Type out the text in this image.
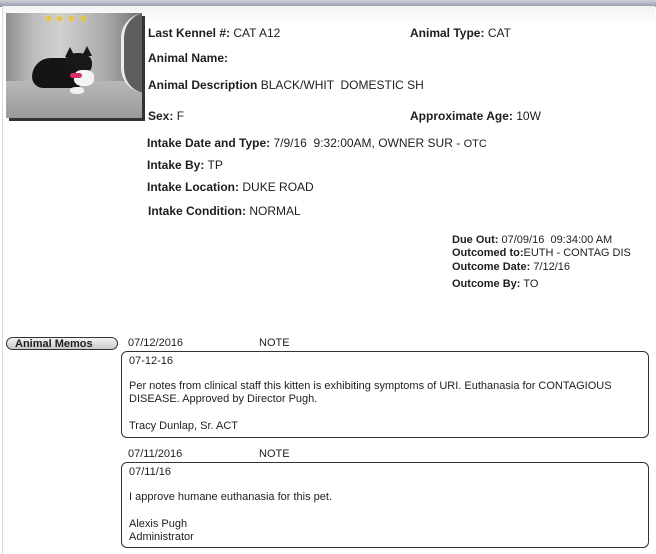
Last Kennel #: CAT A12	Animal Type: CAT
Animal Name:
Animal Description BLACK/WHIT  DOMESTIC SH
Sex: F	Approximate Age: 10W
Intake Date and Type: 7/9/16  9:32:00AM, OWNER SUR - OTC
Intake By: TP
Intake Location: DUKE ROAD
Intake Condition: NORMAL
Due Out: 07/09/16  09:34:00 AM
Outcomed to:EUTH - CONTAG DIS
Outcome Date: 7/12/16
Outcome By: TO
Animal Memos	07/12/2016	NOTE

07-12-16

Per notes from clinical staff this kitten is exhibiting symptoms of URI. Euthanasia for CONTAGIOUS

DISEASE. Approved by Director Pugh.

Tracy Dunlap, Sr. ACT

07/11/2016	NOTE

07/11/16

I approve humane euthanasia for this pet.

Alexis Pugh

Administrator
